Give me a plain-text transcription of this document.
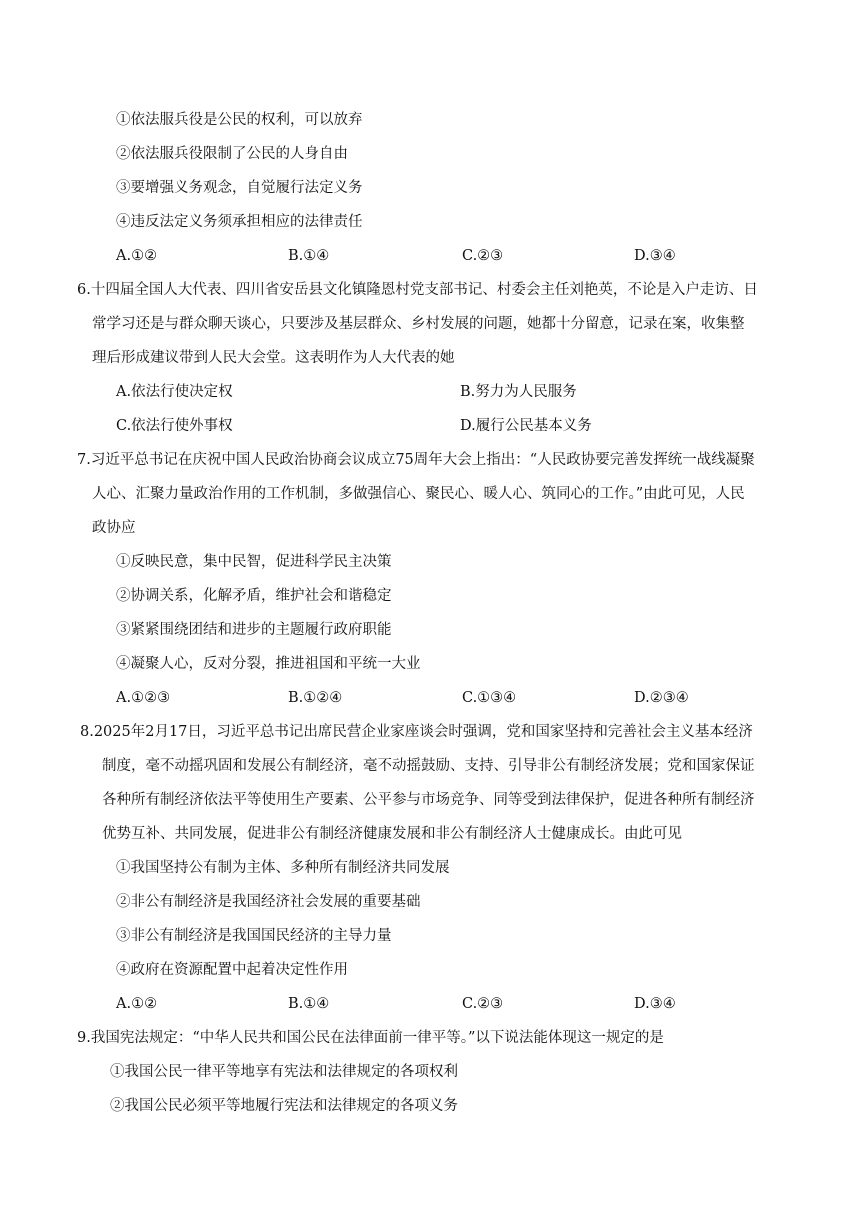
①依法服兵役是公民的权利，可以放弃
②依法服兵役限制了公民的人身自由
③要增强义务观念，自觉履行法定义务
④违反法定义务须承担相应的法律责任
A.①②	B.①④	C.②③	D.③④
6.十四届全国人大代表、四川省安岳县文化镇隆恩村党支部书记、村委会主任刘艳英，不论是入户走访、日
常学习还是与群众聊天谈心，只要涉及基层群众、乡村发展的问题，她都十分留意，记录在案，收集整
理后形成建议带到人民大会堂。这表明作为人大代表的她
A.依法行使决定权	B.努力为人民服务
C.依法行使外事权	D.履行公民基本义务
7.习近平总书记在庆祝中国人民政治协商会议成立75周年大会上指出：“人民政协要完善发挥统一战线凝聚
人心、汇聚力量政治作用的工作机制，多做强信心、聚民心、暖人心、筑同心的工作。”由此可见，人民
政协应
①反映民意，集中民智，促进科学民主决策
②协调关系，化解矛盾，维护社会和谐稳定
③紧紧围绕团结和进步的主题履行政府职能
④凝聚人心，反对分裂，推进祖国和平统一大业
A.①②③	B.①②④	C.①③④	D.②③④
8.2025年2月17日，习近平总书记出席民营企业家座谈会时强调，党和国家坚持和完善社会主义基本经济
制度，毫不动摇巩固和发展公有制经济，毫不动摇鼓励、支持、引导非公有制经济发展；党和国家保证
各种所有制经济依法平等使用生产要素、公平参与市场竞争、同等受到法律保护，促进各种所有制经济
优势互补、共同发展，促进非公有制经济健康发展和非公有制经济人士健康成长。由此可见
①我国坚持公有制为主体、多种所有制经济共同发展
②非公有制经济是我国经济社会发展的重要基础
③非公有制经济是我国国民经济的主导力量
④政府在资源配置中起着决定性作用
A.①②	B.①④	C.②③	D.③④
9.我国宪法规定：“中华人民共和国公民在法律面前一律平等。”以下说法能体现这一规定的是
①我国公民一律平等地享有宪法和法律规定的各项权利
②我国公民必须平等地履行宪法和法律规定的各项义务
